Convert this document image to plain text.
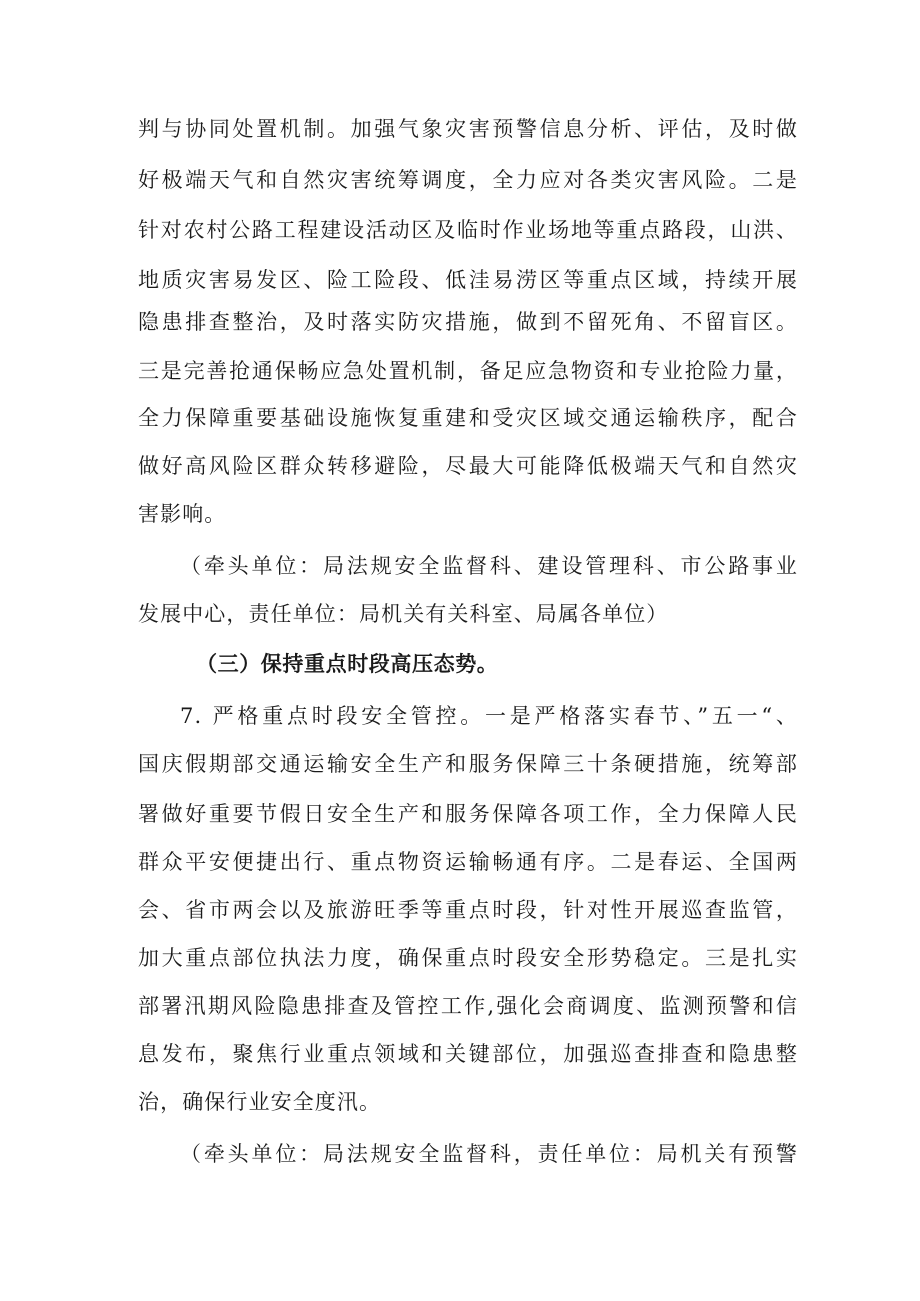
判与协同处置机制。加强气象灾害预警信息分析、评估，及时做
好极端天气和自然灾害统筹调度，全力应对各类灾害风险。二是
针对农村公路工程建设活动区及临时作业场地等重点路段，山洪、
地质灾害易发区、险工险段、低洼易涝区等重点区域，持续开展
隐患排查整治，及时落实防灾措施，做到不留死角、不留盲区。
三是完善抢通保畅应急处置机制，备足应急物资和专业抢险力量，
全力保障重要基础设施恢复重建和受灾区域交通运输秩序，配合
做好高风险区群众转移避险，尽最大可能降低极端天气和自然灾
害影响。
（牵头单位：局法规安全监督科、建设管理科、市公路事业
发展中心，责任单位：局机关有关科室、局属各单位）
（三）保持重点时段高压态势。
7. 严格重点时段安全管控。一是严格落实春节、”五一“、
国庆假期部交通运输安全生产和服务保障三十条硬措施，统筹部
署做好重要节假日安全生产和服务保障各项工作，全力保障人民
群众平安便捷出行、重点物资运输畅通有序。二是春运、全国两
会、省市两会以及旅游旺季等重点时段，针对性开展巡查监管，
加大重点部位执法力度，确保重点时段安全形势稳定。三是扎实
部署汛期风险隐患排查及管控工作,强化会商调度、监测预警和信
息发布，聚焦行业重点领域和关键部位，加强巡查排查和隐患整
治，确保行业安全度汛。
（牵头单位：局法规安全监督科，责任单位：局机关有预警
